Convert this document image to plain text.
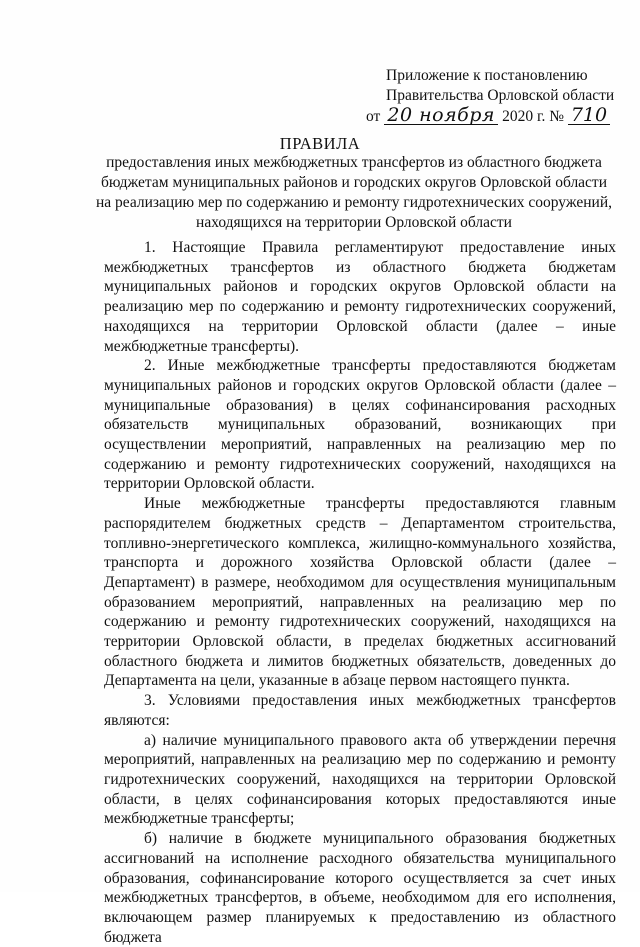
Приложение к постановлению
Правительства Орловской области
от 20 ноября 2020 г. № 710
ПРАВИЛА
предоставления иных межбюджетных трансфертов из областного бюджета
бюджетам муниципальных районов и городских округов Орловской области
на реализацию мер по содержанию и ремонту гидротехнических сооружений,
находящихся на территории Орловской области

1. Настоящие Правила регламентируют предоставление иных межбюджетных трансфертов из областного бюджета бюджетам муниципальных районов и городских округов Орловской области на реализацию мер по содержанию и ремонту гидротехнических сооружений, находящихся на территории Орловской области (далее – иные межбюджетные трансферты).

2. Иные межбюджетные трансферты предоставляются бюджетам муниципальных районов и городских округов Орловской области (далее – муниципальные образования) в целях софинансирования расходных обязательств муниципальных образований, возникающих при осуществлении мероприятий, направленных на реализацию мер по содержанию и ремонту гидротехнических сооружений, находящихся на территории Орловской области.

Иные межбюджетные трансферты предоставляются главным распорядителем бюджетных средств – Департаментом строительства, топливно-энергетического комплекса, жилищно-коммунального хозяйства, транспорта и дорожного хозяйства Орловской области (далее – Департамент) в размере, необходимом для осуществления муниципальным образованием мероприятий, направленных на реализацию мер по содержанию и ремонту гидротехнических сооружений, находящихся на территории Орловской области, в пределах бюджетных ассигнований областного бюджета и лимитов бюджетных обязательств, доведенных до Департамента на цели, указанные в абзаце первом настоящего пункта.

3. Условиями предоставления иных межбюджетных трансфертов являются:

а) наличие муниципального правового акта об утверждении перечня мероприятий, направленных на реализацию мер по содержанию и ремонту гидротехнических сооружений, находящихся на территории Орловской области, в целях софинансирования которых предоставляются иные межбюджетные трансферты;

б) наличие в бюджете муниципального образования бюджетных ассигнований на исполнение расходного обязательства муниципального образования, софинансирование которого осуществляется за счет иных межбюджетных трансфертов, в объеме, необходимом для его исполнения, включающем размер планируемых к предоставлению из областного бюджета
